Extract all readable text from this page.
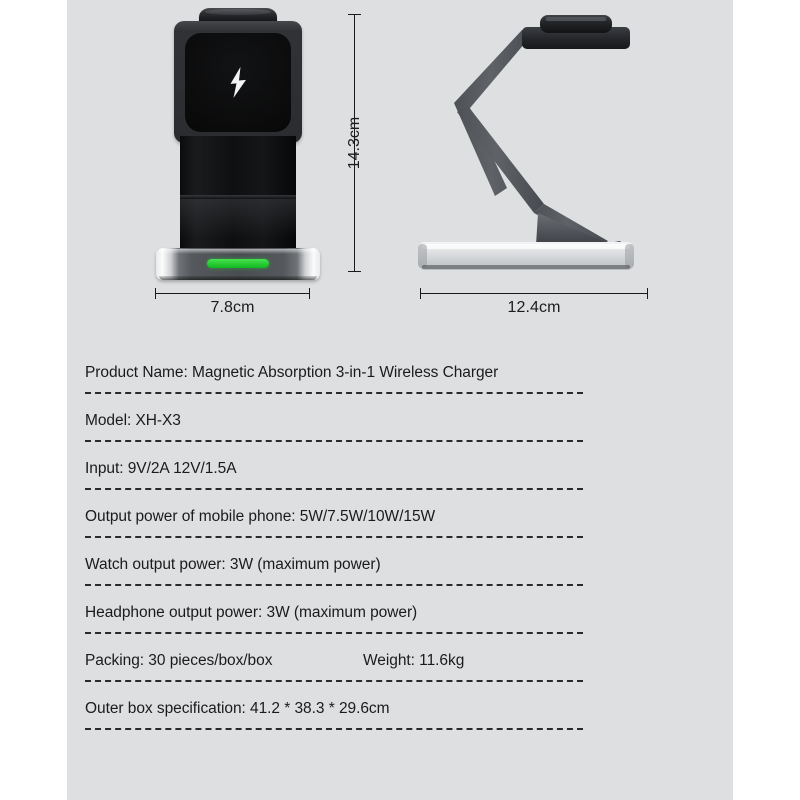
14.3cm
7.8cm	12.4cm
Product Name: Magnetic Absorption 3-in-1 Wireless Charger
Model: XH-X3
Input: 9V/2A 12V/1.5A
Output power of mobile phone: 5W/7.5W/10W/15W
Watch output power: 3W (maximum power)
Headphone output power: 3W (maximum power)
Packing: 30 pieces/box/box	Weight: 11.6kg
Outer box specification: 41.2 * 38.3 * 29.6cm
